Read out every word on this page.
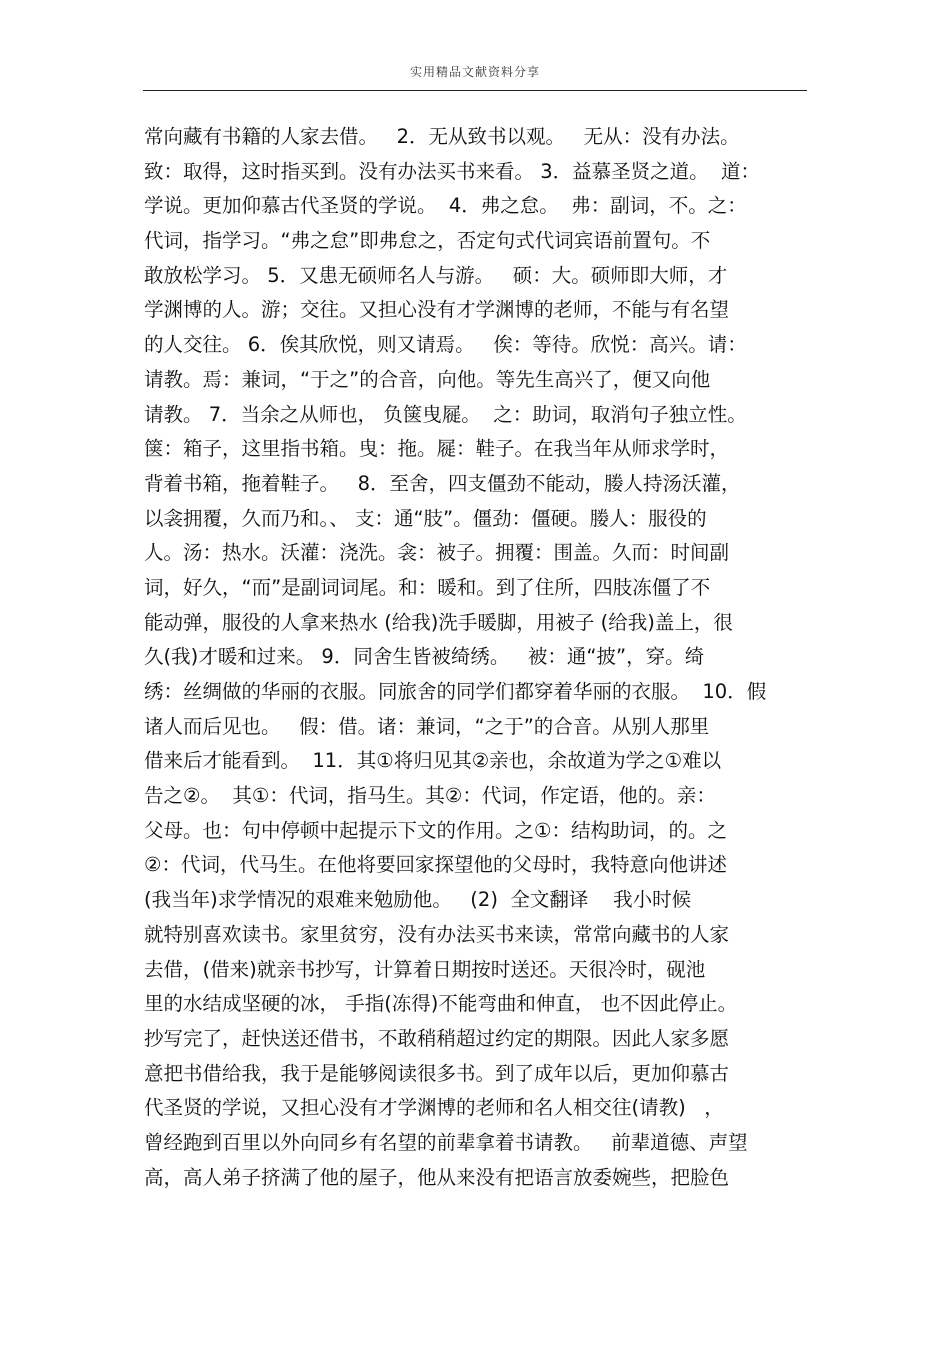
实用精品文献资料分享
常向藏有书籍的人家去借。   2．无从致书以观。   无从：没有办法。
致：取得，这时指买到。没有办法买书来看。 3．益慕圣贤之道。  道：
学说。更加仰慕古代圣贤的学说。  4．弗之怠。  弗：副词，不。之：
代词，指学习。“弗之怠”即弗怠之，否定句式代词宾语前置句。不
敢放松学习。 5．又患无硕师名人与游。   硕：大。硕师即大师，才
学渊博的人。游；交往。又担心没有才学渊博的老师，不能与有名望
的人交往。 6．俟其欣悦，则又请焉。   俟：等待。欣悦：高兴。请：
请教。焉：兼词，“于之”的合音，向他。等先生高兴了，便又向他
请教。 7．当余之从师也， 负箧曳屣。  之：助词，取消句子独立性。
箧：箱子，这里指书箱。曳：拖。屣：鞋子。在我当年从师求学时，
背着书箱，拖着鞋子。   8．至舍，四支僵劲不能动，媵人持汤沃灌，
以衾拥覆，久而乃和。、 支：通“肢”。僵劲：僵硬。媵人：服役的
人。汤：热水。沃灌：浇洗。衾：被子。拥覆：围盖。久而：时间副
词，好久，“而”是副词词尾。和：暖和。到了住所，四肢冻僵了不
能动弹，服役的人拿来热水 (给我)洗手暖脚，用被子 (给我)盖上，很
久(我)才暖和过来。 9．同舍生皆被绮绣。   被：通“披”，穿。绮
绣：丝绸做的华丽的衣服。同旅舍的同学们都穿着华丽的衣服。  10．假
诸人而后见也。   假：借。诸：兼词，“之于”的合音。从别人那里
借来后才能看到。  11．其①将归见其②亲也，余故道为学之①难以
告之②。  其①：代词，指马生。其②：代词，作定语，他的。亲：
父母。也：句中停顿中起提示下文的作用。之①：结构助词，的。之
②：代词，代马生。在他将要回家探望他的父母时，我特意向他讲述
(我当年)求学情况的艰难来勉励他。   (2)  全文翻译    我小时候
就特别喜欢读书。家里贫穷，没有办法买书来读，常常向藏书的人家
去借，(借来)就亲书抄写，计算着日期按时送还。天很冷时，砚池
里的水结成坚硬的冰， 手指(冻得)不能弯曲和伸直， 也不因此停止。
抄写完了，赶快送还借书，不敢稍稍超过约定的期限。因此人家多愿
意把书借给我，我于是能够阅读很多书。到了成年以后，更加仰慕古
代圣贤的学说，又担心没有才学渊博的老师和名人相交往(请教)   ，
曾经跑到百里以外向同乡有名望的前辈拿着书请教。   前辈道德、声望
高，高人弟子挤满了他的屋子，他从来没有把语言放委婉些，把脸色
